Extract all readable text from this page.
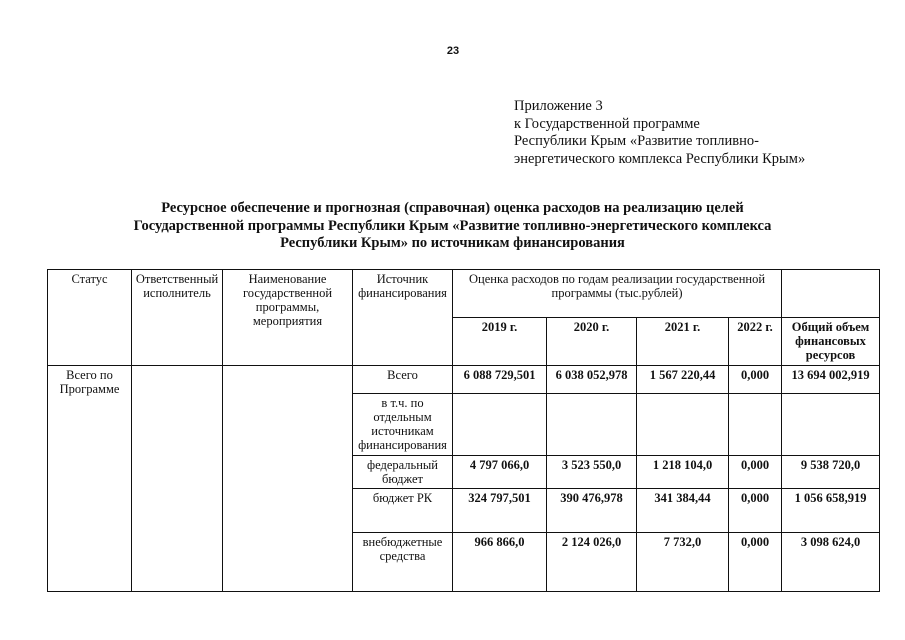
23
Приложение 3
к Государственной программе
Республики Крым «Развитие топливно-
энергетического комплекса Республики Крым»
Ресурсное обеспечение и прогнозная (справочная) оценка расходов на реализацию целей
Государственной программы Республики Крым «Развитие топливно-энергетического комплекса
Республики Крым» по источникам финансирования
Статус	Ответственный исполнитель	Наименование государственной программы, мероприятия	Источник финансирования	Оценка расходов по годам реализации государственной программы (тыс.рублей)				
				2019 г.	2020 г.	2021 г.	2022 г.	Общий объем финансовых ресурсов
Всего по Программе			Всего	6 088 729,501	6 038 052,978	1 567 220,44	0,000	13 694 002,919
			в т.ч. по отдельным источникам финансирования					
			федеральный бюджет	4 797 066,0	3 523 550,0	1 218 104,0	0,000	9 538 720,0
			бюджет РК	324 797,501	390 476,978	341 384,44	0,000	1 056 658,919
			внебюджетные средства	966 866,0	2 124 026,0	7 732,0	0,000	3 098 624,0
